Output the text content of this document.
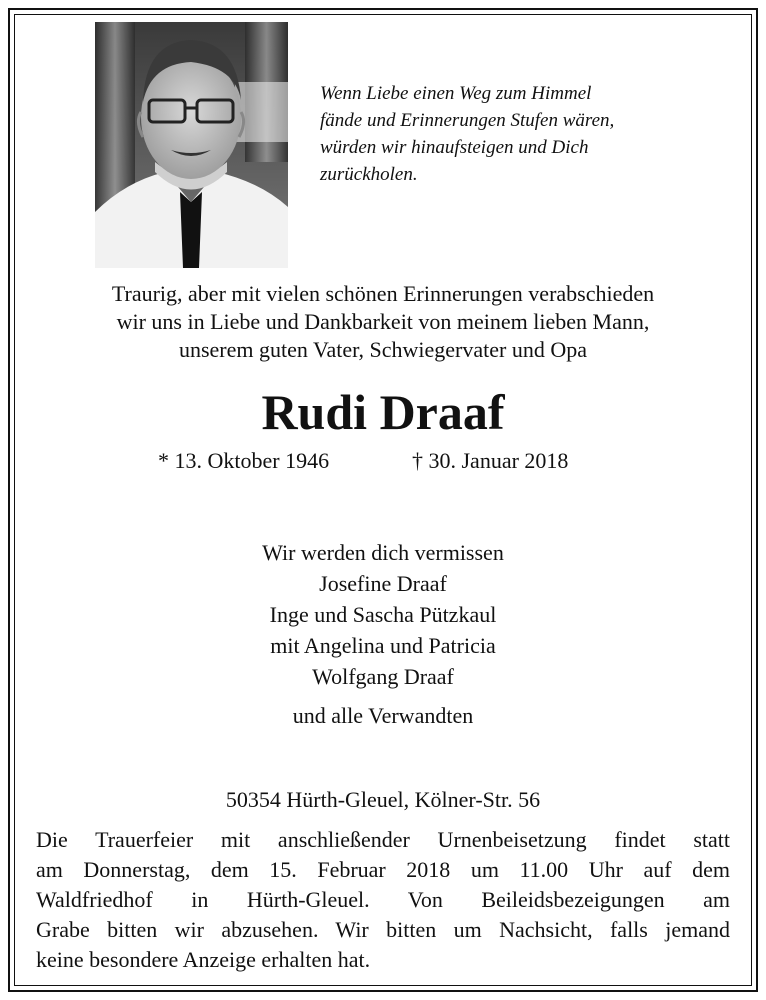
Wenn Liebe einen Weg zum Himmel
fände und Erinnerungen Stufen wären,
würden wir hinaufsteigen und Dich
zurückholen.
Traurig, aber mit vielen schönen Erinnerungen verabschieden
wir uns in Liebe und Dankbarkeit von meinem lieben Mann,
unserem guten Vater, Schwiegervater und Opa
Rudi Draaf
* 13. Oktober 1946	† 30. Januar 2018
Wir werden dich vermissen
Josefine Draaf
Inge und Sascha Pützkaul
mit Angelina und Patricia
Wolfgang Draaf
und alle Verwandten
50354 Hürth-Gleuel, Kölner-Str. 56
Die Trauerfeier mit anschließender Urnenbeisetzung findet statt
am Donnerstag, dem 15. Februar 2018 um 11.00 Uhr auf dem
Waldfriedhof in Hürth-Gleuel. Von Beileidsbezeigungen am
Grabe bitten wir abzusehen. Wir bitten um Nachsicht, falls jemand
keine besondere Anzeige erhalten hat.
